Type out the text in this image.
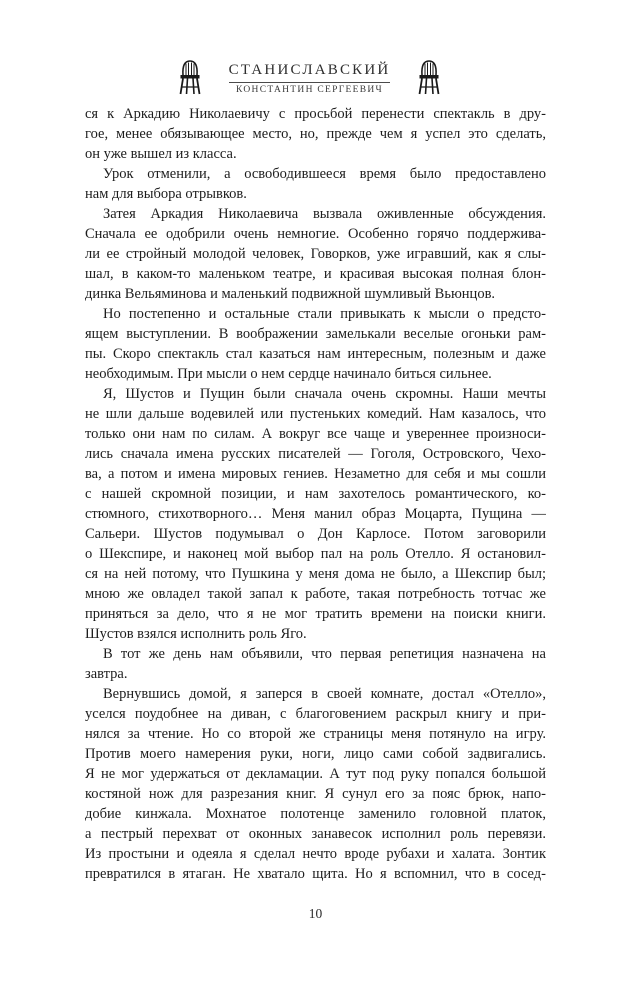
СТАНИСЛАВСКИЙ
КОНСТАНТИН СЕРГЕЕВИЧ
ся к Аркадию Николаевичу с просьбой перенести спектакль в дру-
гое, менее обязывающее место, но, прежде чем я успел это сделать,
он уже вышел из класса.
Урок отменили, а освободившееся время было предоставлено
нам для выбора отрывков.
Затея Аркадия Николаевича вызвала оживленные обсуждения.
Сначала ее одобрили очень немногие. Особенно горячо поддержива-
ли ее стройный молодой человек, Говорков, уже игравший, как я слы-
шал, в каком-то маленьком театре, и красивая высокая полная блон-
динка Вельяминова и маленький подвижной шумливый Вьюнцов.
Но постепенно и остальные стали привыкать к мысли о предсто-
ящем выступлении. В воображении замелькали веселые огоньки рам-
пы. Скоро спектакль стал казаться нам интересным, полезным и даже
необходимым. При мысли о нем сердце начинало биться сильнее.
Я, Шустов и Пущин были сначала очень скромны. Наши мечты
не шли дальше водевилей или пустеньких комедий. Нам казалось, что
только они нам по силам. А вокруг все чаще и увереннее произноси-
лись сначала имена русских писателей — Гоголя, Островского, Чехо-
ва, а потом и имена мировых гениев. Незаметно для себя и мы сошли
с нашей скромной позиции, и нам захотелось романтического, ко-
стюмного, стихотворного… Меня манил образ Моцарта, Пущина —
Сальери. Шустов подумывал о Дон Карлосе. Потом заговорили
о Шекспире, и наконец мой выбор пал на роль Отелло. Я остановил-
ся на ней потому, что Пушкина у меня дома не было, а Шекспир был;
мною же овладел такой запал к работе, такая потребность тотчас же
приняться за дело, что я не мог тратить времени на поиски книги.
Шустов взялся исполнить роль Яго.
В тот же день нам объявили, что первая репетиция назначена на
завтра.
Вернувшись домой, я заперся в своей комнате, достал «Отелло»,
уселся поудобнее на диван, с благоговением раскрыл книгу и при-
нялся за чтение. Но со второй же страницы меня потянуло на игру.
Против моего намерения руки, ноги, лицо сами собой задвигались.
Я не мог удержаться от декламации. А тут под руку попался большой
костяной нож для разрезания книг. Я сунул его за пояс брюк, напо-
добие кинжала. Мохнатое полотенце заменило головной платок,
а пестрый перехват от оконных занавесок исполнил роль перевязи.
Из простыни и одеяла я сделал нечто вроде рубахи и халата. Зонтик
превратился в ятаган. Не хватало щита. Но я вспомнил, что в сосед-
10
